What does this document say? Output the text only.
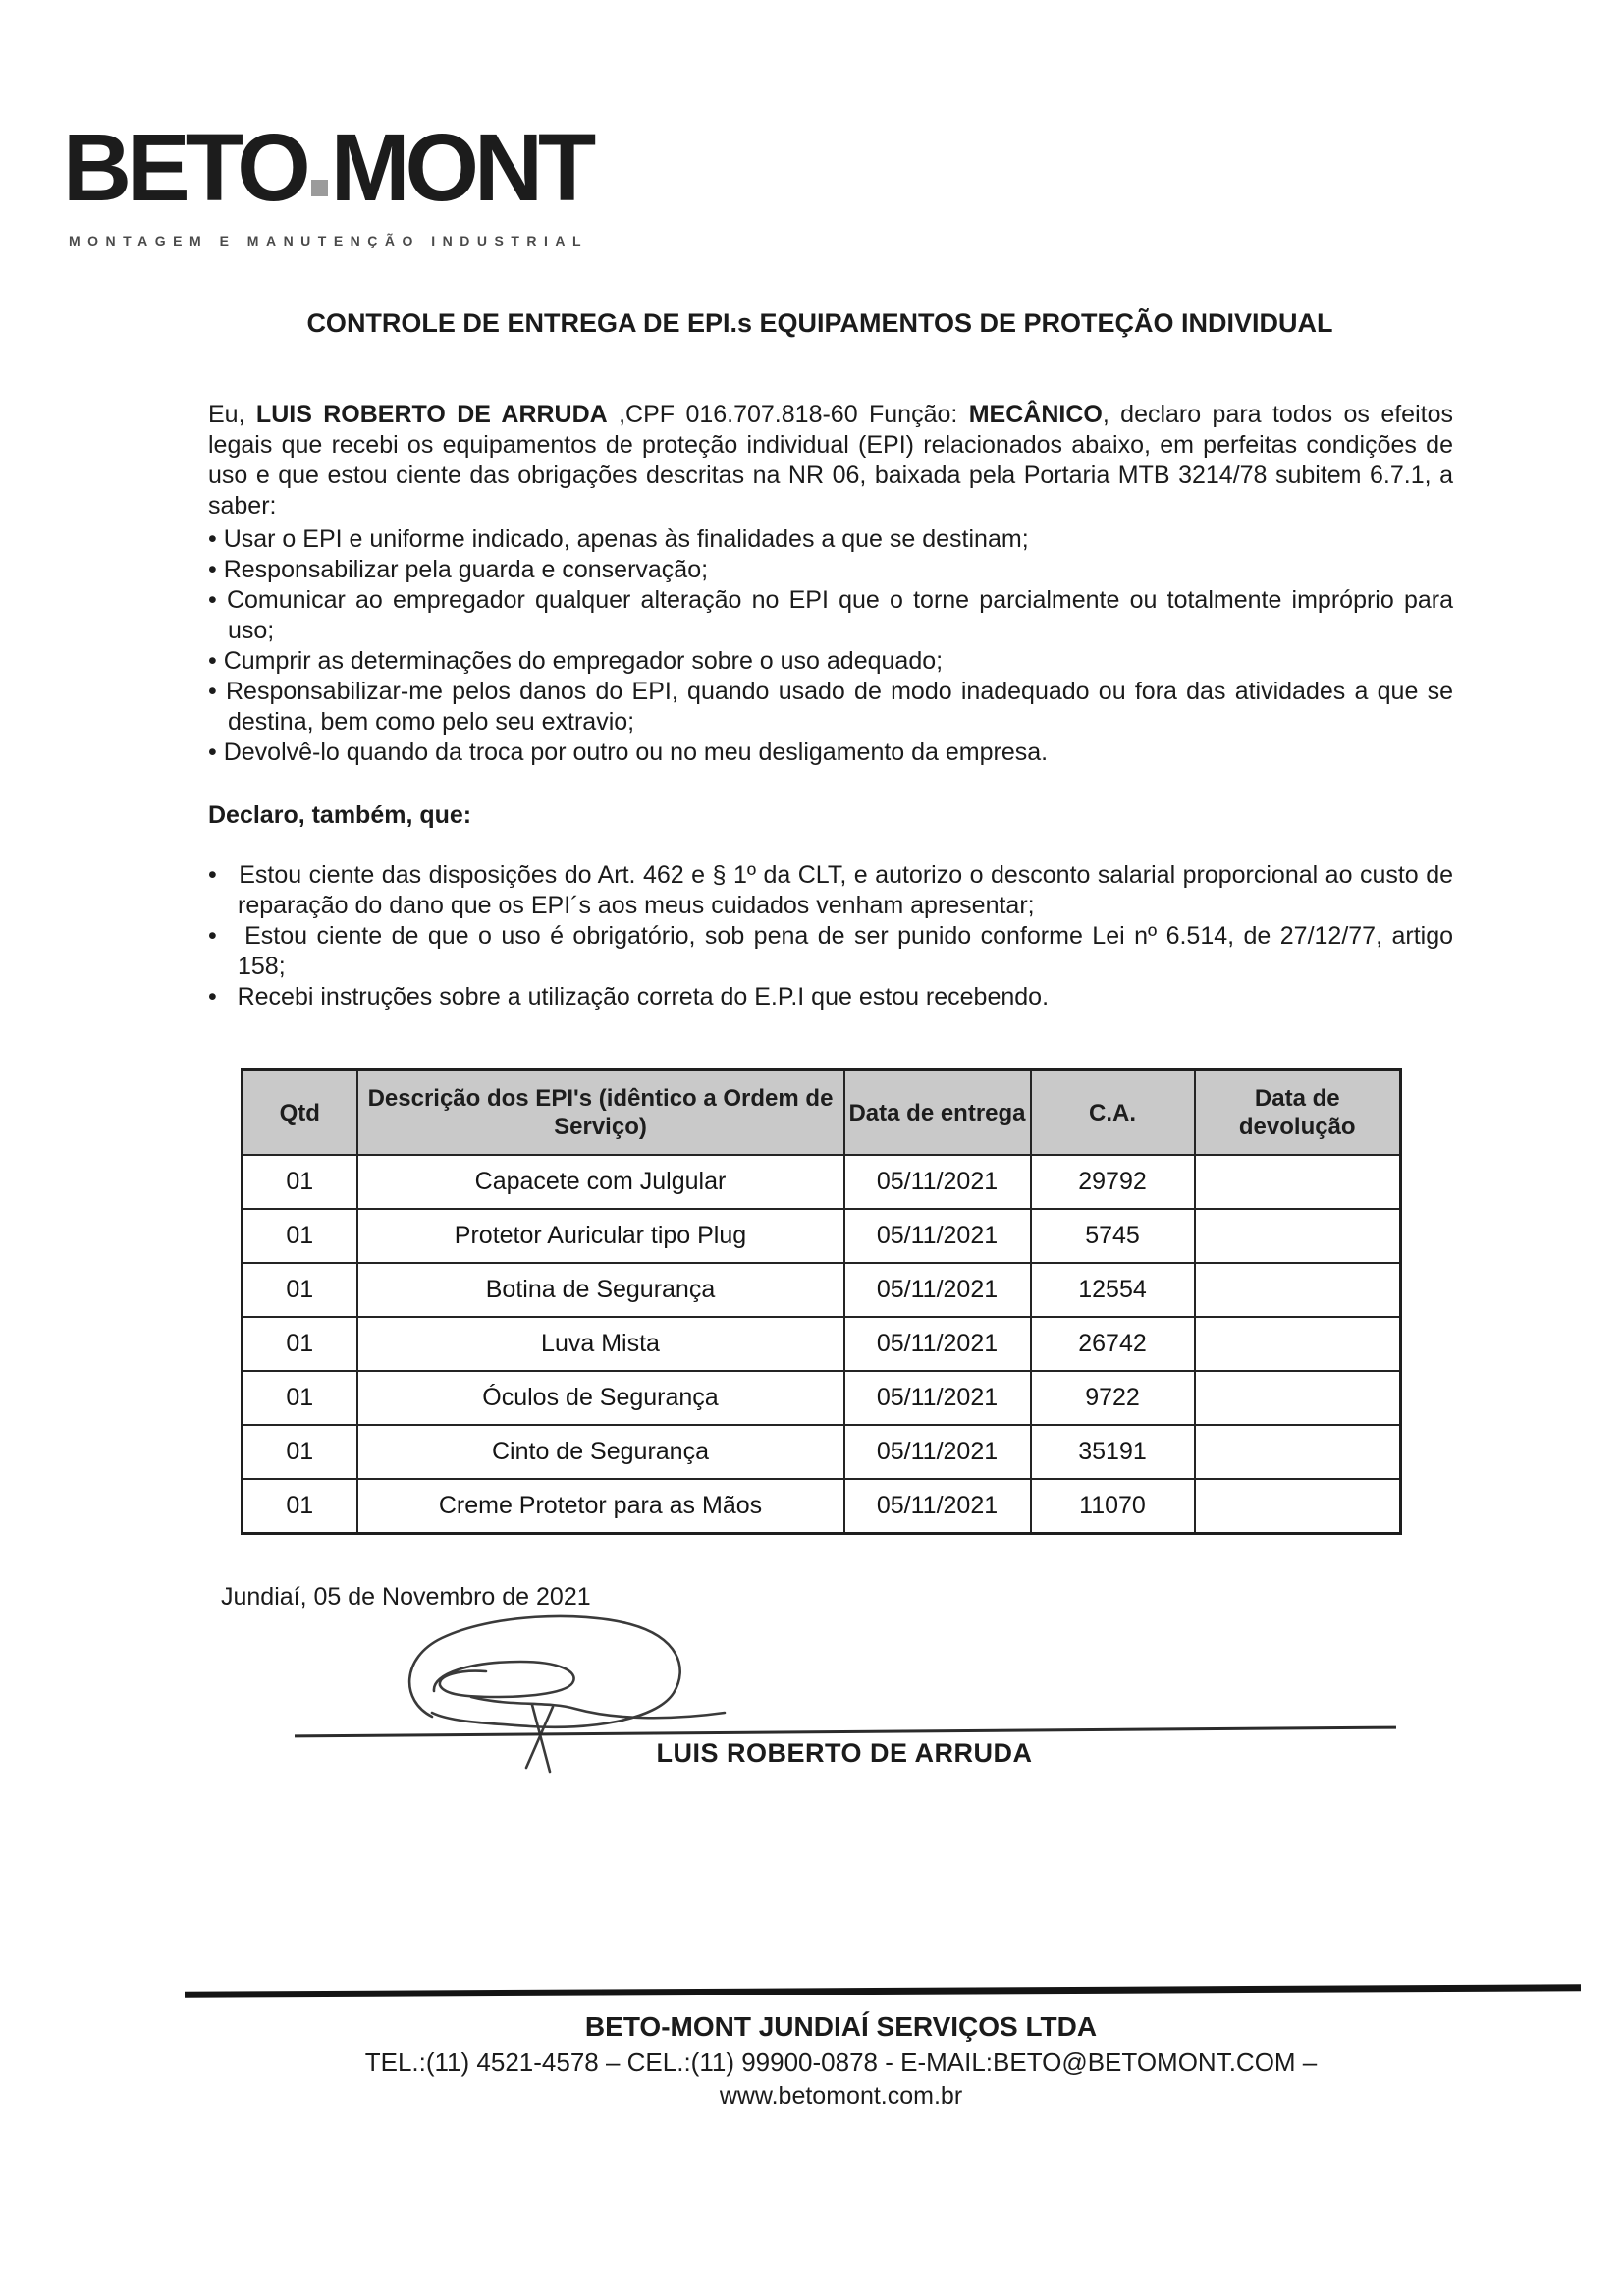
BETO MONT
MONTAGEM E MANUTENÇÃO INDUSTRIAL
CONTROLE DE ENTREGA DE EPI.s EQUIPAMENTOS DE PROTEÇÃO INDIVIDUAL

Eu, LUIS ROBERTO DE ARRUDA ,CPF 016.707.818-60 Função: MECÂNICO, declaro para todos os efeitos legais que recebi os equipamentos de proteção individual (EPI) relacionados abaixo, em perfeitas condições de uso e que estou ciente das obrigações descritas na NR 06, baixada pela Portaria MTB 3214/78 subitem 6.7.1, a saber:

• Usar o EPI e uniforme indicado, apenas às finalidades a que se destinam;
• Responsabilizar pela guarda e conservação;
• Comunicar ao empregador qualquer alteração no EPI que o torne parcialmente ou totalmente impróprio para uso;
• Cumprir as determinações do empregador sobre o uso adequado;
• Responsabilizar-me pelos danos do EPI, quando usado de modo inadequado ou fora das atividades a que se destina, bem como pelo seu extravio;
• Devolvê-lo quando da troca por outro ou no meu desligamento da empresa.

Declaro, também, que:

•   Estou ciente das disposições do Art. 462 e § 1º da CLT, e autorizo o desconto salarial proporcional ao custo de reparação do dano que os EPI´s aos meus cuidados venham apresentar;
•   Estou ciente de que o uso é obrigatório, sob pena de ser punido conforme Lei nº 6.514, de 27/12/77, artigo 158;
•   Recebi instruções sobre a utilização correta do E.P.I que estou recebendo.
Qtd	Descrição dos EPI's (idêntico a Ordem de Serviço)	Data de entrega	C.A.	Data de devolução
01	Capacete com Julgular	05/11/2021	29792	
01	Protetor Auricular tipo Plug	05/11/2021	5745	
01	Botina de Segurança	05/11/2021	12554	
01	Luva Mista	05/11/2021	26742	
01	Óculos de Segurança	05/11/2021	9722	
01	Cinto de Segurança	05/11/2021	35191	
01	Creme Protetor para as Mãos	05/11/2021	11070	
Jundiaí, 05 de Novembro de 2021
LUIS ROBERTO DE ARRUDA
BETO-MONT JUNDIAÍ SERVIÇOS LTDA
TEL.:(11) 4521-4578 – CEL.:(11) 99900-0878 - E-MAIL:BETO@BETOMONT.COM –
www.betomont.com.br
